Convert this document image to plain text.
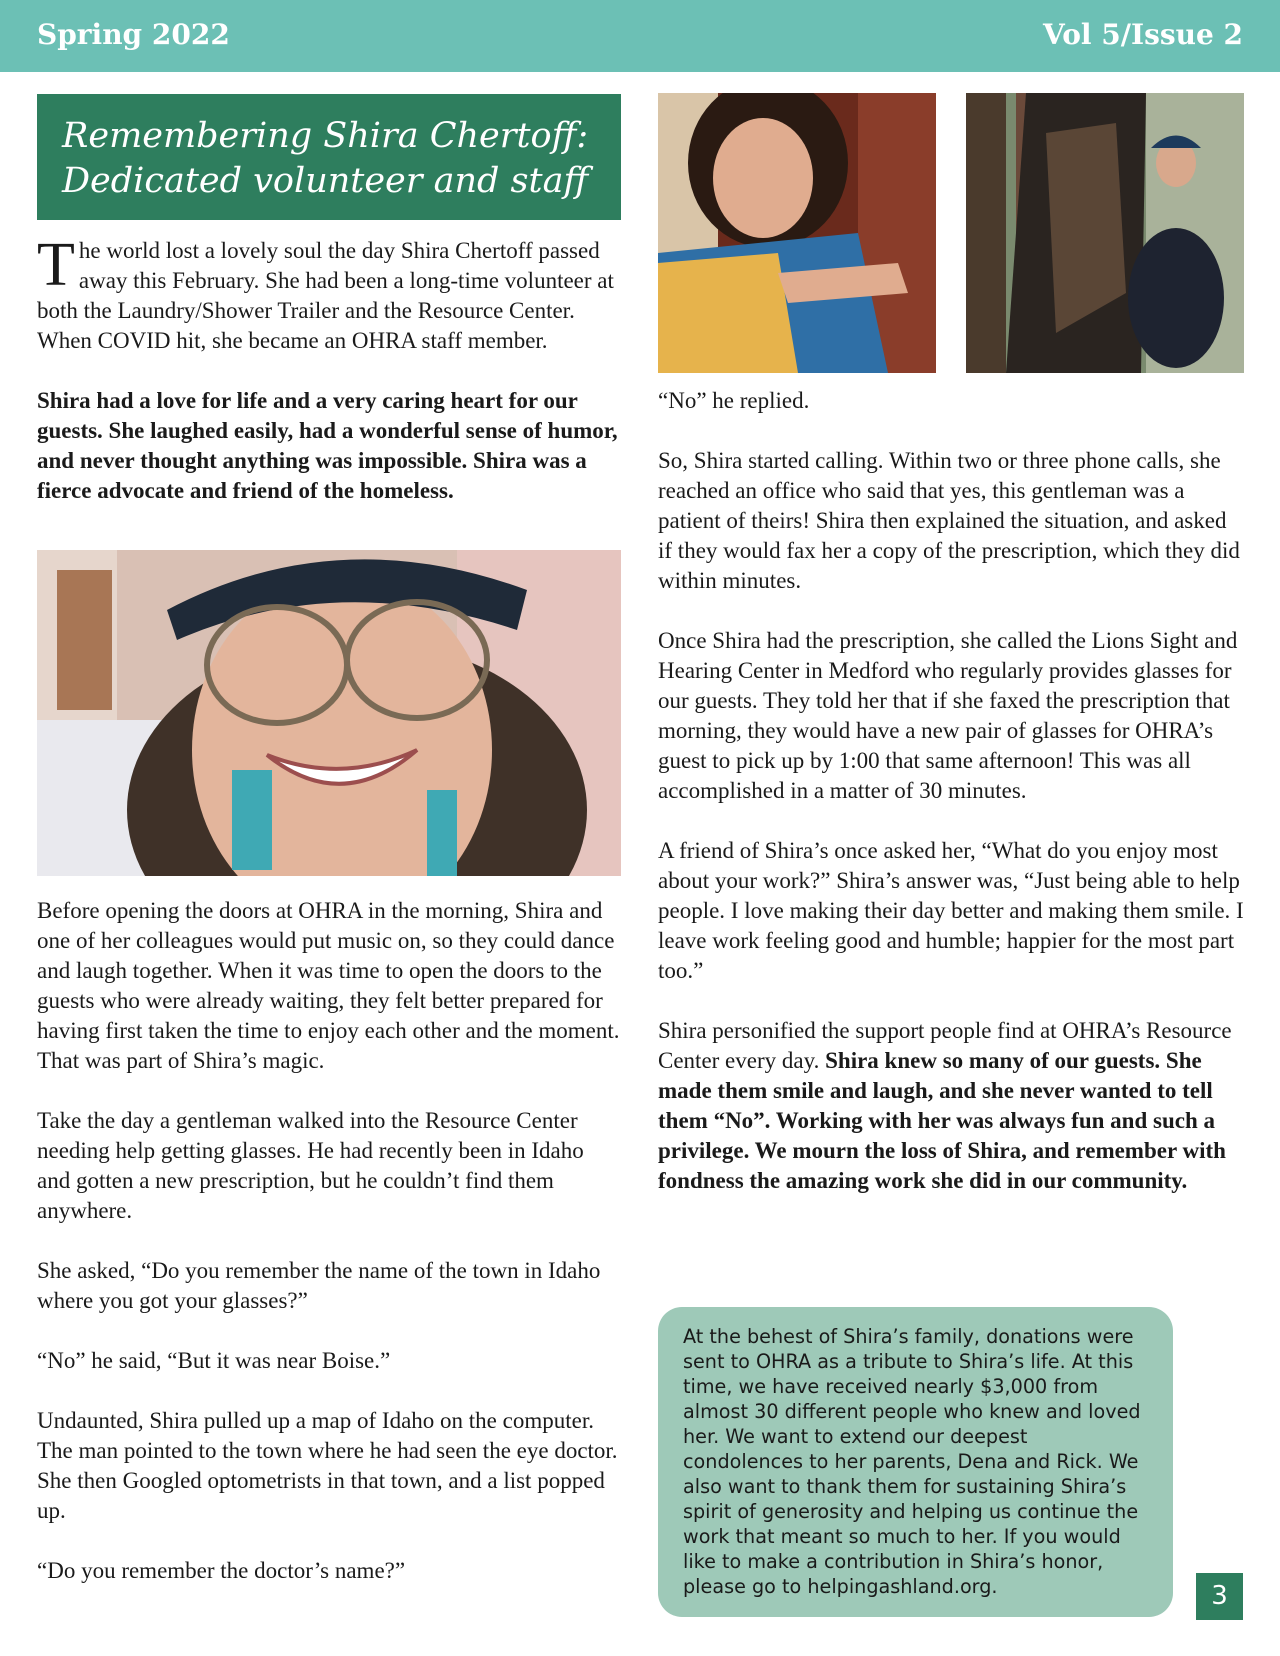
Spring 2022	Vol 5/Issue 2
Remembering Shira Chertoff:
Dedicated volunteer and staff

The world lost a lovely soul the day Shira Chertoff passed away this February. She had been a long-time volunteer at both the Laundry/Shower Trailer and the Resource Center. When COVID hit, she became an OHRA staff member.

Shira had a love for life and a very caring heart for our guests. She laughed easily, had a wonderful sense of humor, and never thought anything was impossible. Shira was a fierce advocate and friend of the homeless.

Before opening the doors at OHRA in the morning, Shira and one of her colleagues would put music on, so they could dance and laugh together. When it was time to open the doors to the guests who were already waiting, they felt better prepared for having first taken the time to enjoy each other and the moment. That was part of Shira’s magic.

Take the day a gentleman walked into the Resource Center needing help getting glasses. He had recently been in Idaho and gotten a new prescription, but he couldn’t find them anywhere.

She asked, “Do you remember the name of the town in Idaho where you got your glasses?”

“No” he said, “But it was near Boise.”

Undaunted, Shira pulled up a map of Idaho on the computer. The man pointed to the town where he had seen the eye doctor. She then Googled optometrists in that town, and a list popped up.

“Do you remember the doctor’s name?”

“No” he replied.

So, Shira started calling. Within two or three phone calls, she reached an office who said that yes, this gentleman was a patient of theirs! Shira then explained the situation, and asked if they would fax her a copy of the prescription, which they did within minutes.

Once Shira had the prescription, she called the Lions Sight and Hearing Center in Medford who regularly provides glasses for our guests. They told her that if she faxed the prescription that morning, they would have a new pair of glasses for OHRA’s guest to pick up by 1:00 that same afternoon! This was all accomplished in a matter of 30 minutes.

A friend of Shira’s once asked her, “What do you enjoy most about your work?” Shira’s answer was, “Just being able to help people. I love making their day better and making them smile. I leave work feeling good and humble; happier for the most part too.”

Shira personified the support people find at OHRA’s Resource Center every day. Shira knew so many of our guests. She made them smile and laugh, and she never wanted to tell them “No”. Working with her was always fun and such a privilege. We mourn the loss of Shira, and remember with fondness the amazing work she did in our community.

At the behest of Shira’s family, donations were sent to OHRA as a tribute to Shira’s life. At this time, we have received nearly $3,000 from almost 30 different people who knew and loved her. We want to extend our deepest condolences to her parents, Dena and Rick. We also want to thank them for sustaining Shira’s spirit of generosity and helping us continue the work that meant so much to her. If you would like to make a contribution in Shira’s honor, please go to helpingashland.org.	3
